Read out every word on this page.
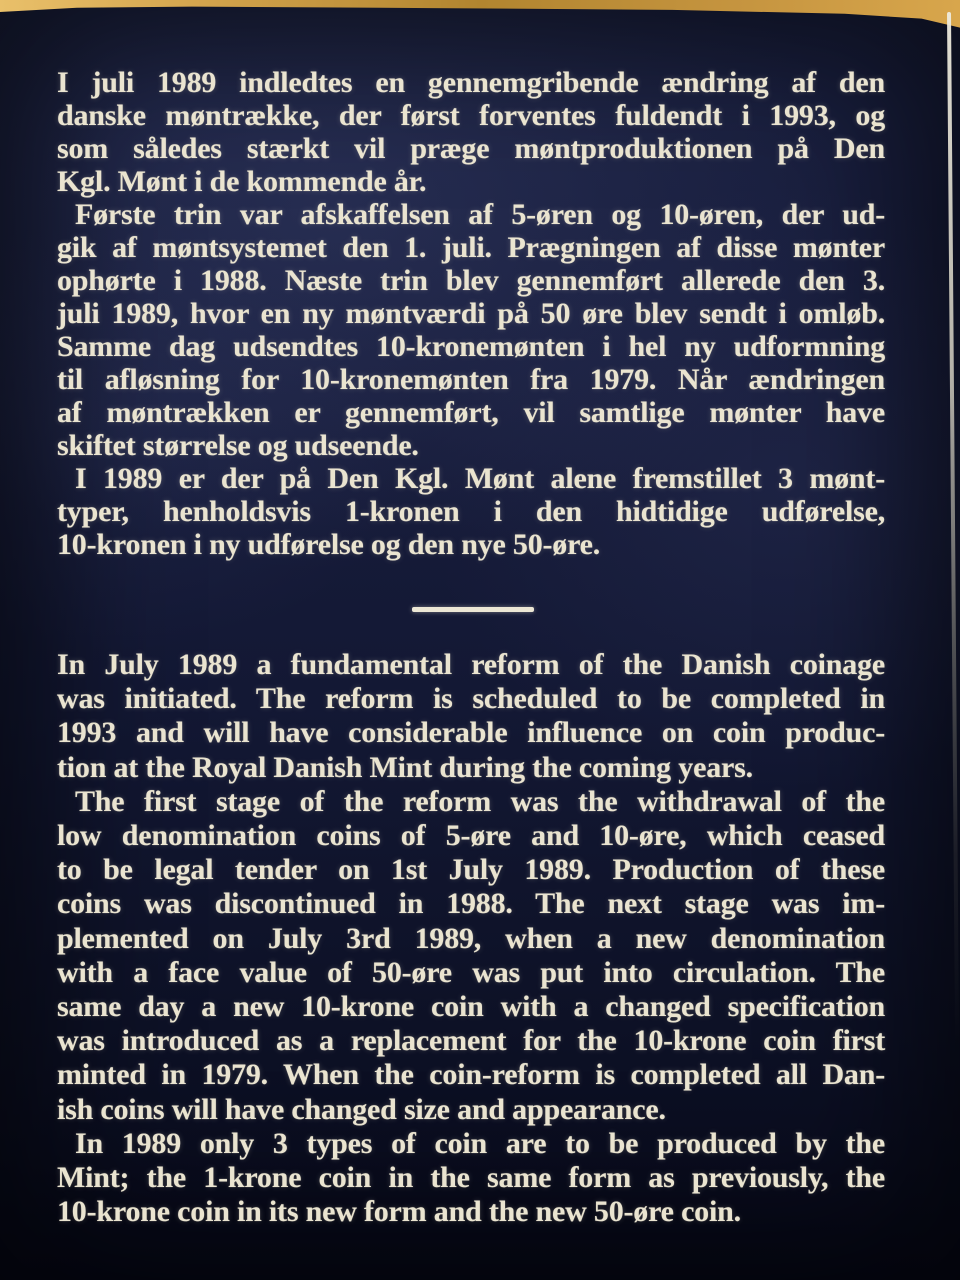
I juli 1989 indledtes en gennemgribende ændring af den
danske møntrække, der først forventes fuldendt i 1993, og
som således stærkt vil præge møntproduktionen på Den
Kgl. Mønt i de kommende år.
Første trin var afskaffelsen af 5-øren og 10-øren, der ud-
gik af møntsystemet den 1. juli. Prægningen af disse mønter
ophørte i 1988. Næste trin blev gennemført allerede den 3.
juli 1989, hvor en ny møntværdi på 50 øre blev sendt i omløb.
Samme dag udsendtes 10-kronemønten i hel ny udformning
til afløsning for 10-kronemønten fra 1979. Når ændringen
af møntrækken er gennemført, vil samtlige mønter have
skiftet størrelse og udseende.
I 1989 er der på Den Kgl. Mønt alene fremstillet 3 mønt-
typer, henholdsvis 1-kronen i den hidtidige udførelse,
10-kronen i ny udførelse og den nye 50-øre.
In July 1989 a fundamental reform of the Danish coinage
was initiated. The reform is scheduled to be completed in
1993 and will have considerable influence on coin produc-
tion at the Royal Danish Mint during the coming years.
The first stage of the reform was the withdrawal of the
low denomination coins of 5-øre and 10-øre, which ceased
to be legal tender on 1st July 1989. Production of these
coins was discontinued in 1988. The next stage was im-
plemented on July 3rd 1989, when a new denomination
with a face value of 50-øre was put into circulation. The
same day a new 10-krone coin with a changed specification
was introduced as a replacement for the 10-krone coin first
minted in 1979. When the coin-reform is completed all Dan-
ish coins will have changed size and appearance.
In 1989 only 3 types of coin are to be produced by the
Mint; the 1-krone coin in the same form as previously, the
10-krone coin in its new form and the new 50-øre coin.
